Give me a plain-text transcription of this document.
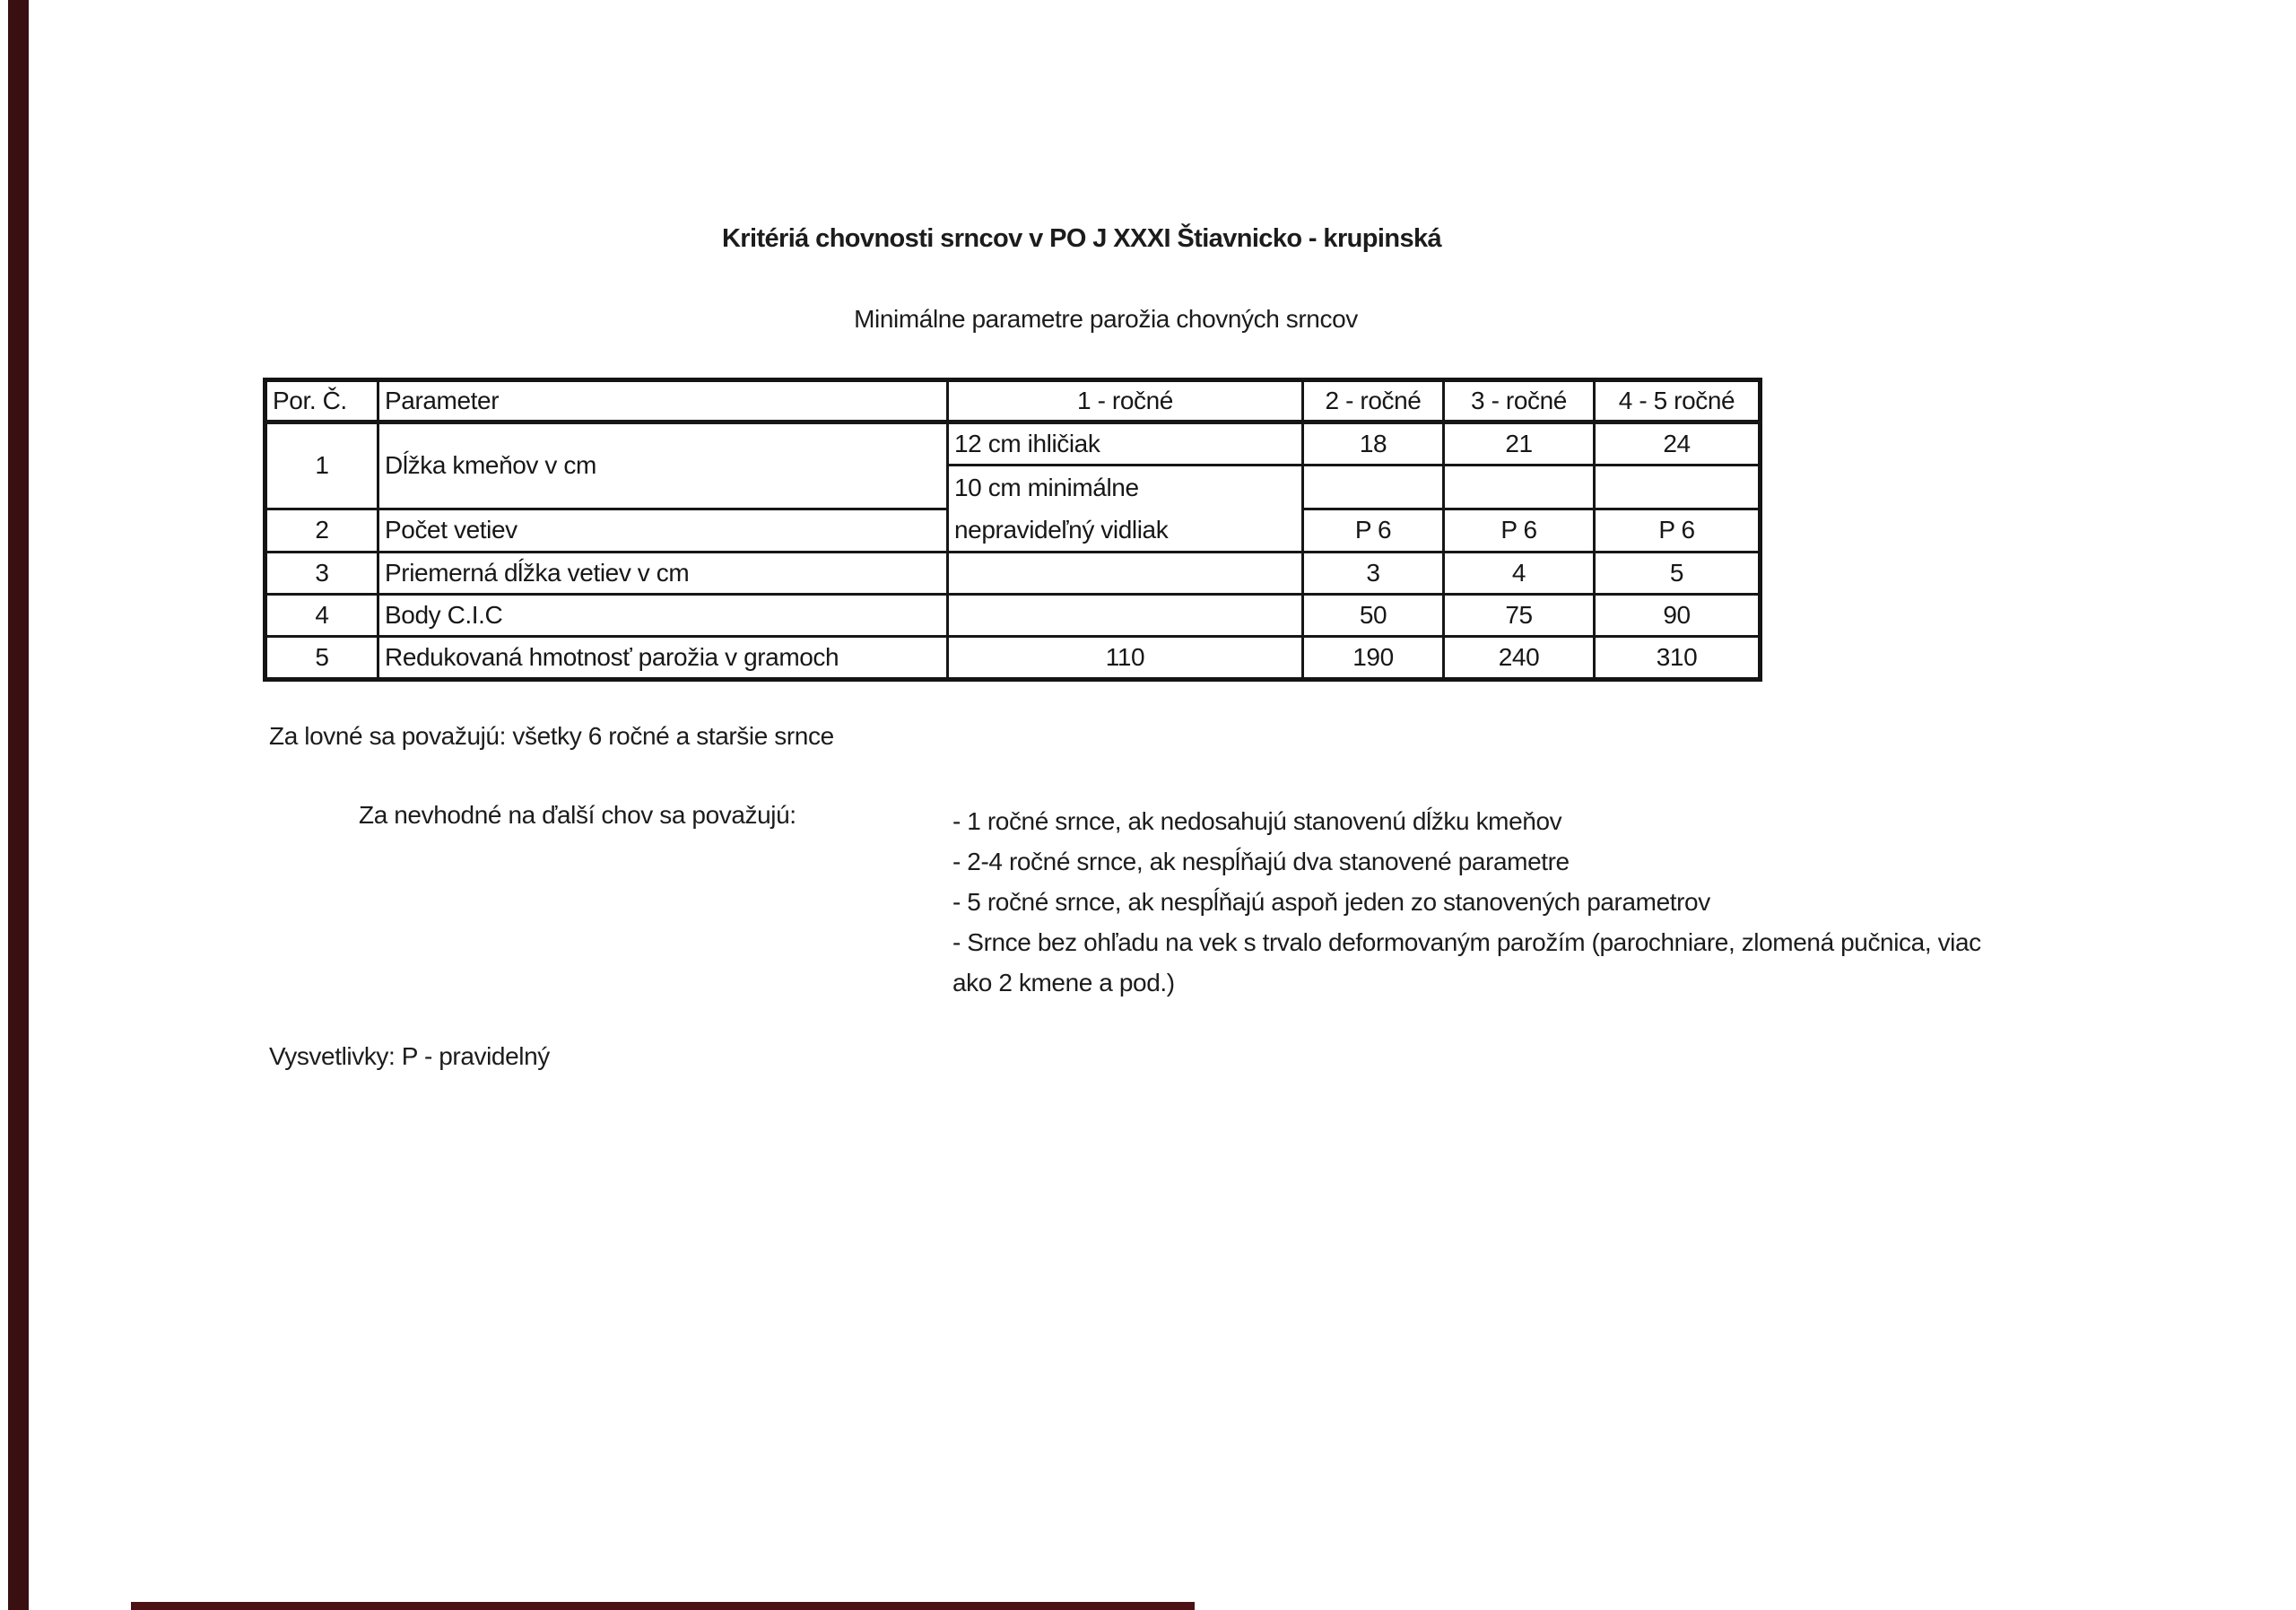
Kritériá chovnosti srncov v PO J XXXI Štiavnicko - krupinská
Minimálne parametre parožia chovných srncov
Por. Č.	Parameter	1 - ročné	2 - ročné	3 - ročné	4 - 5 ročné
1	Dĺžka kmeňov v cm	12 cm ihličiak	18	21	24

		10 cm minimálne
nepravideľný vidliak			

2	Počet vetiev		P 6	P 6	P 6
3	Priemerná dĺžka vetiev v cm		3	4	5
4	Body C.I.C		50	75	90
5	Redukovaná hmotnosť parožia v gramoch	110	190	240	310
Za lovné sa považujú: všetky 6 ročné a staršie srnce
Za nevhodné na ďalší chov sa považujú:	- 1 ročné srnce, ak nedosahujú stanovenú dĺžku kmeňov
- 2-4 ročné srnce, ak nespĺňajú dva stanovené parametre
- 5 ročné srnce, ak nespĺňajú aspoň jeden zo stanovených parametrov
- Srnce bez ohľadu na vek s trvalo deformovaným parožím (parochniare, zlomená pučnica, viac
ako 2 kmene a pod.)
Vysvetlivky: P - pravidelný
